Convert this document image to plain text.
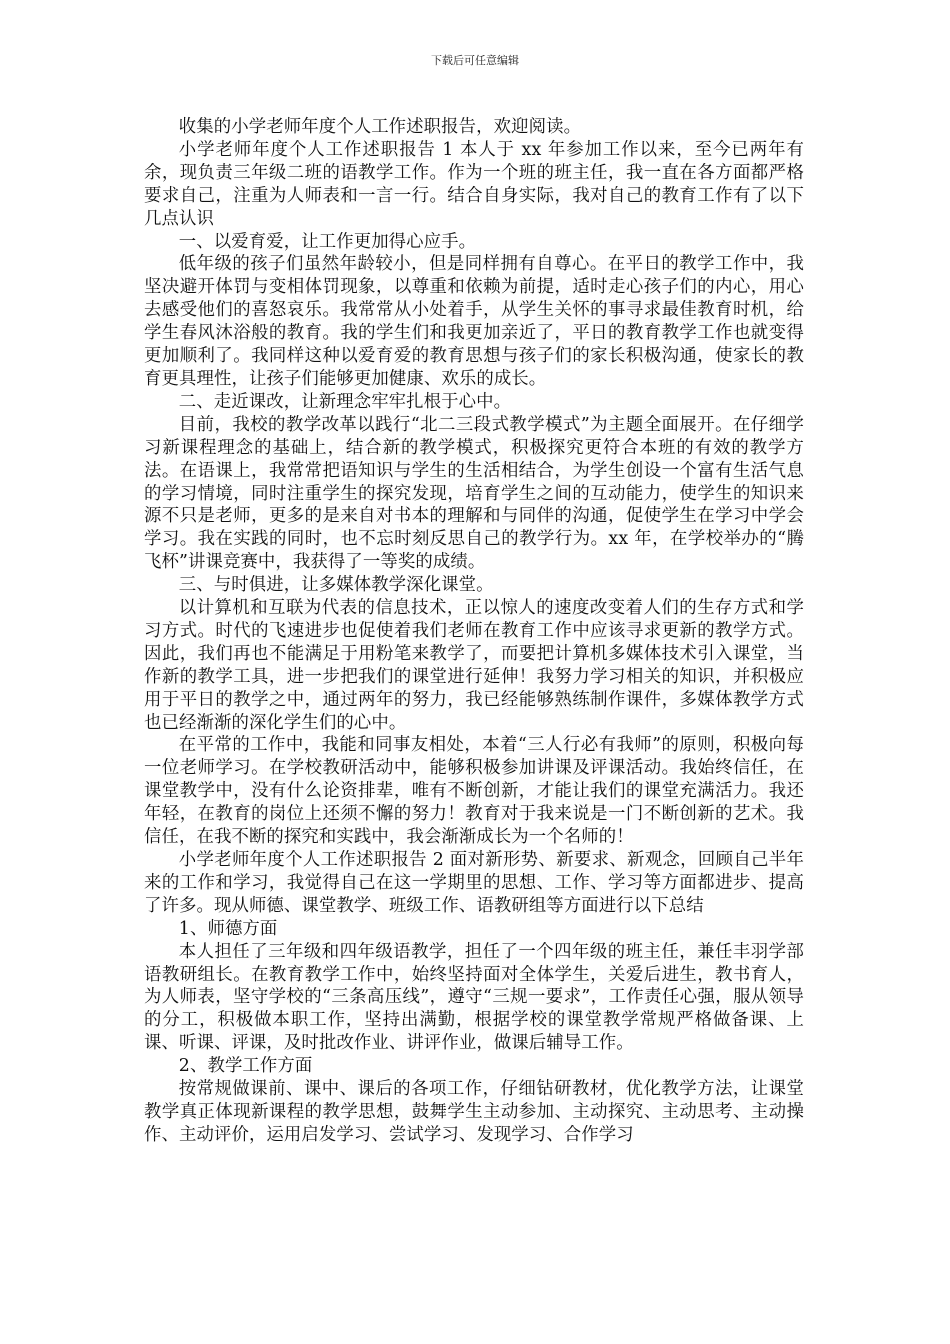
下载后可任意编辑

收集的小学老师年度个人工作述职报告，欢迎阅读。

小学老师年度个人工作述职报告 1 本人于 xx 年参加工作以来，至今已两年有余，现负责三年级二班的语教学工作。作为一个班的班主任，我一直在各方面都严格要求自己，注重为人师表和一言一行。结合自身实际，我对自己的教育工作有了以下几点认识

一、以爱育爱，让工作更加得心应手。

低年级的孩子们虽然年龄较小，但是同样拥有自尊心。在平日的教学工作中，我坚决避开体罚与变相体罚现象，以尊重和依赖为前提，适时走心孩子们的内心，用心去感受他们的喜怒哀乐。我常常从小处着手，从学生关怀的事寻求最佳教育时机，给学生春风沐浴般的教育。我的学生们和我更加亲近了，平日的教育教学工作也就变得更加顺利了。我同样这种以爱育爱的教育思想与孩子们的家长积极沟通，使家长的教育更具理性，让孩子们能够更加健康、欢乐的成长。

二、走近课改，让新理念牢牢扎根于心中。

目前，我校的教学改革以践行“北二三段式教学模式”为主题全面展开。在仔细学习新课程理念的基础上，结合新的教学模式，积极探究更符合本班的有效的教学方法。在语课上，我常常把语知识与学生的生活相结合，为学生创设一个富有生活气息的学习情境，同时注重学生的探究发现，培育学生之间的互动能力，使学生的知识来源不只是老师，更多的是来自对书本的理解和与同伴的沟通，促使学生在学习中学会学习。我在实践的同时，也不忘时刻反思自己的教学行为。xx 年，在学校举办的“腾飞杯”讲课竞赛中，我获得了一等奖的成绩。

三、与时俱进，让多媒体教学深化课堂。

以计算机和互联为代表的信息技术，正以惊人的速度改变着人们的生存方式和学习方式。时代的飞速进步也促使着我们老师在教育工作中应该寻求更新的教学方式。因此，我们再也不能满足于用粉笔来教学了，而要把计算机多媒体技术引入课堂，当作新的教学工具，进一步把我们的课堂进行延伸！我努力学习相关的知识，并积极应用于平日的教学之中，通过两年的努力，我已经能够熟练制作课件，多媒体教学方式也已经渐渐的深化学生们的心中。

在平常的工作中，我能和同事友相处，本着“三人行必有我师”的原则，积极向每一位老师学习。在学校教研活动中，能够积极参加讲课及评课活动。我始终信任，在课堂教学中，没有什么论资排辈，唯有不断创新，才能让我们的课堂充满活力。我还年轻，在教育的岗位上还须不懈的努力！教育对于我来说是一门不断创新的艺术。我信任，在我不断的探究和实践中，我会渐渐成长为一个名师的！

小学老师年度个人工作述职报告 2 面对新形势、新要求、新观念，回顾自己半年来的工作和学习，我觉得自己在这一学期里的思想、工作、学习等方面都进步、提高了许多。现从师德、课堂教学、班级工作、语教研组等方面进行以下总结

1、师德方面

本人担任了三年级和四年级语教学，担任了一个四年级的班主任，兼任丰羽学部语教研组长。在教育教学工作中，始终坚持面对全体学生，关爱后进生，教书育人，为人师表，坚守学校的“三条高压线”，遵守“三规一要求”，工作责任心强，服从领导的分工，积极做本职工作，坚持出满勤，根据学校的课堂教学常规严格做备课、上课、听课、评课，及时批改作业、讲评作业，做课后辅导工作。

2、教学工作方面

按常规做课前、课中、课后的各项工作，仔细钻研教材，优化教学方法，让课堂教学真正体现新课程的教学思想，鼓舞学生主动参加、主动探究、主动思考、主动操作、主动评价，运用启发学习、尝试学习、发现学习、合作学习
